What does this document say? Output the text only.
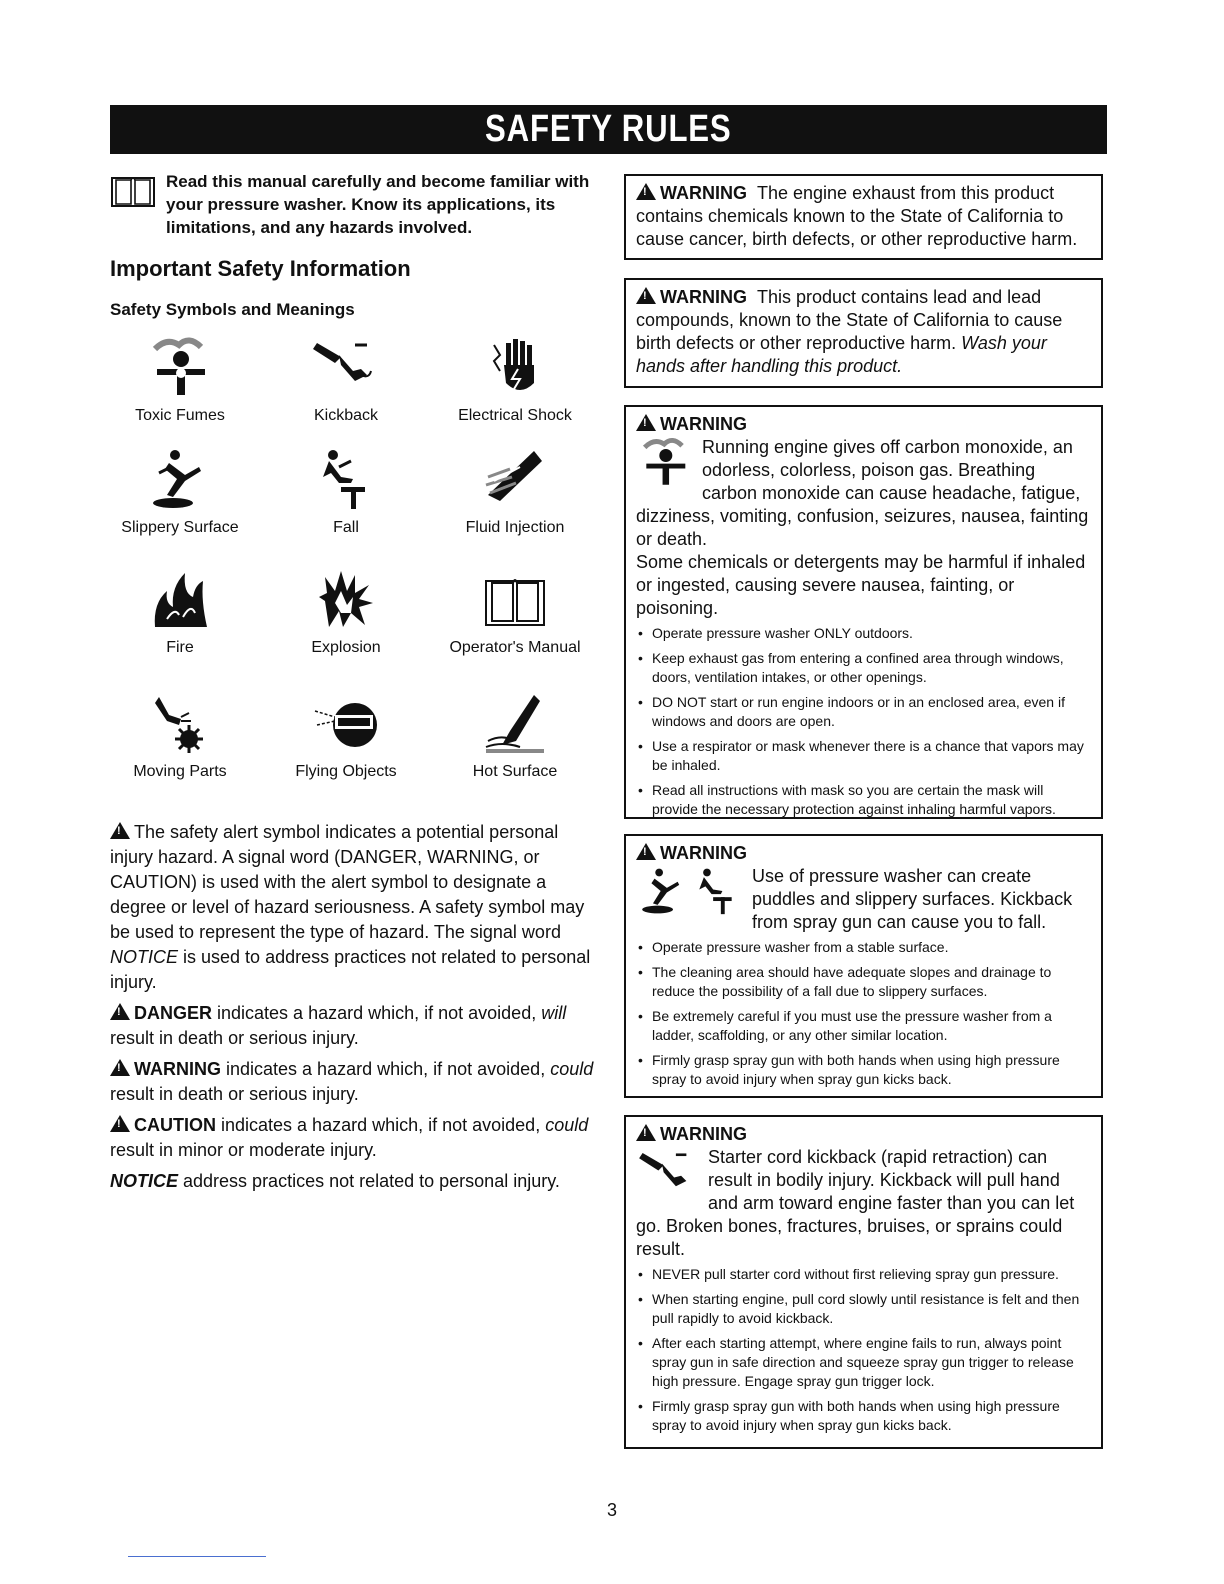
SAFETY RULES
Read this manual carefully and become familiar with your pressure washer. Know its applications, its limitations, and any hazards involved.
Important Safety Information
Safety Symbols and Meanings
Toxic Fumes	Kickback	Electrical Shock
Slippery Surface	Fall	Fluid Injection
Fire	Explosion	Operator's Manual
Moving Parts	Flying Objects	Hot Surface

!The safety alert symbol indicates a potential personal injury hazard. A signal word (DANGER, WARNING, or CAUTION) is used with the alert symbol to designate a degree or level of hazard seriousness. A safety symbol may be used to represent the type of hazard. The signal word NOTICE is used to address practices not related to personal injury.

!DANGER indicates a hazard which, if not avoided, will result in death or serious injury.

!WARNING indicates a hazard which, if not avoided, could result in death or serious injury.

!CAUTION indicates a hazard which, if not avoided, could result in minor or moderate injury.

NOTICE address practices not related to personal injury.

!WARNING The engine exhaust from this product contains chemicals known to the State of California to cause cancer, birth defects, or other reproductive harm.
!WARNING This product contains lead and lead compounds, known to the State of California to cause birth defects or other reproductive harm. Wash your hands after handling this product.
!WARNING
Running engine gives off carbon monoxide, an odorless, colorless, poison gas. Breathing carbon monoxide can cause headache, fatigue, dizziness, vomiting, confusion, seizures, nausea, fainting or death.
Some chemicals or detergents may be harmful if inhaled or ingested, causing severe nausea, fainting, or poisoning.
• Operate pressure washer ONLY outdoors.
• Keep exhaust gas from entering a confined area through windows, doors, ventilation intakes, or other openings.
• DO NOT start or run engine indoors or in an enclosed area, even if windows and doors are open.
• Use a respirator or mask whenever there is a chance that vapors may be inhaled.
• Read all instructions with mask so you are certain the mask will provide the necessary protection against inhaling harmful vapors.
!WARNING
Use of pressure washer can create puddles and slippery surfaces. Kickback from spray gun can cause you to fall.
• Operate pressure washer from a stable surface.
• The cleaning area should have adequate slopes and drainage to reduce the possibility of a fall due to slippery surfaces.
• Be extremely careful if you must use the pressure washer from a ladder, scaffolding, or any other similar location.
• Firmly grasp spray gun with both hands when using high pressure spray to avoid injury when spray gun kicks back.
!WARNING
Starter cord kickback (rapid retraction) can result in bodily injury. Kickback will pull hand and arm toward engine faster than you can let go. Broken bones, fractures, bruises, or sprains could result.
• NEVER pull starter cord without first relieving spray gun pressure.
• When starting engine, pull cord slowly until resistance is felt and then pull rapidly to avoid kickback.
• After each starting attempt, where engine fails to run, always point spray gun in safe direction and squeeze spray gun trigger to release high pressure. Engage spray gun trigger lock.
• Firmly grasp spray gun with both hands when using high pressure spray to avoid injury when spray gun kicks back.
3
